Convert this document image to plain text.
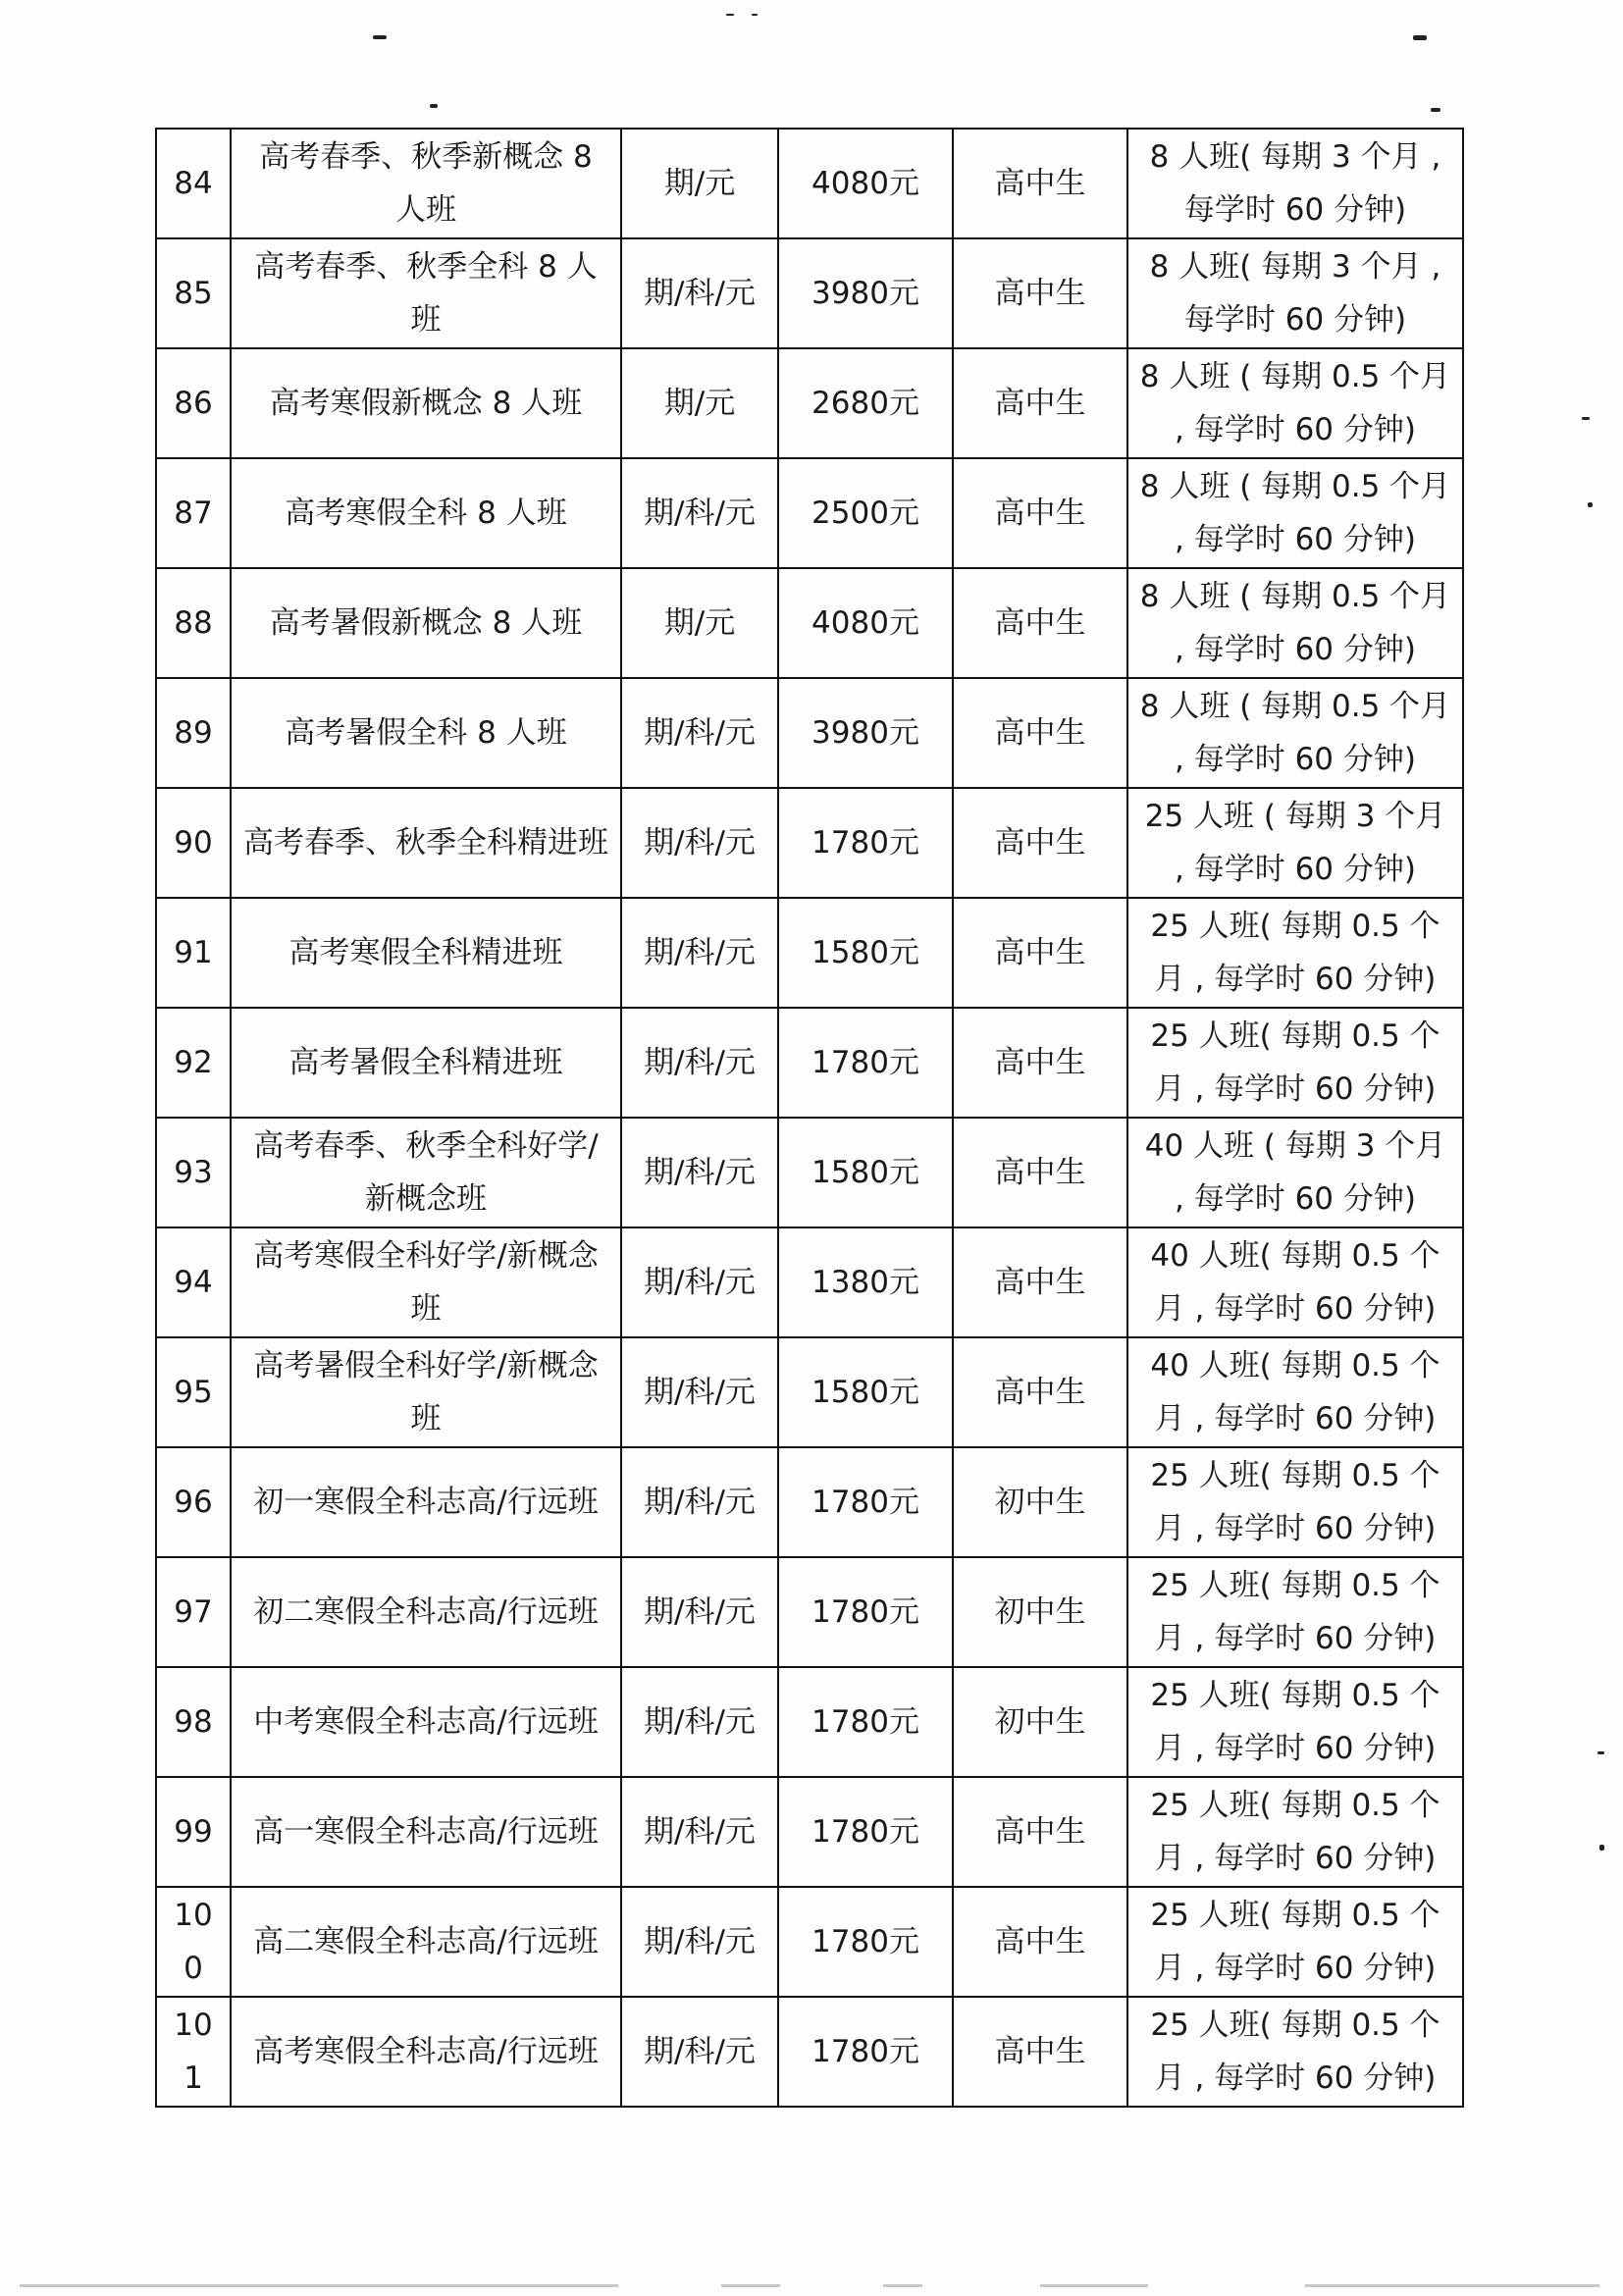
84	高考春季、秋季新概念 8 人班	期/元	4080元	高中生	8 人班( 每期 3 个月 , 每学时 60 分钟)
85	高考春季、秋季全科 8 人班	期/科/元	3980元	高中生	8 人班( 每期 3 个月 , 每学时 60 分钟)
86	高考寒假新概念 8 人班	期/元	2680元	高中生	8 人班 ( 每期 0.5 个月 , 每学时 60 分钟)
87	高考寒假全科 8 人班	期/科/元	2500元	高中生	8 人班 ( 每期 0.5 个月 , 每学时 60 分钟)
88	高考暑假新概念 8 人班	期/元	4080元	高中生	8 人班 ( 每期 0.5 个月 , 每学时 60 分钟)
89	高考暑假全科 8 人班	期/科/元	3980元	高中生	8 人班 ( 每期 0.5 个月 , 每学时 60 分钟)
90	高考春季、秋季全科精进班	期/科/元	1780元	高中生	25 人班 ( 每期 3 个月 , 每学时 60 分钟)
91	高考寒假全科精进班	期/科/元	1580元	高中生	25 人班( 每期 0.5 个月 , 每学时 60 分钟)
92	高考暑假全科精进班	期/科/元	1780元	高中生	25 人班( 每期 0.5 个月 , 每学时 60 分钟)
93	高考春季、秋季全科好学/新概念班	期/科/元	1580元	高中生	40 人班 ( 每期 3 个月 , 每学时 60 分钟)
94	高考寒假全科好学/新概念班	期/科/元	1380元	高中生	40 人班( 每期 0.5 个月 , 每学时 60 分钟)
95	高考暑假全科好学/新概念班	期/科/元	1580元	高中生	40 人班( 每期 0.5 个月 , 每学时 60 分钟)
96	初一寒假全科志高/行远班	期/科/元	1780元	初中生	25 人班( 每期 0.5 个月 , 每学时 60 分钟)
97	初二寒假全科志高/行远班	期/科/元	1780元	初中生	25 人班( 每期 0.5 个月 , 每学时 60 分钟)
98	中考寒假全科志高/行远班	期/科/元	1780元	初中生	25 人班( 每期 0.5 个月 , 每学时 60 分钟)
99	高一寒假全科志高/行远班	期/科/元	1780元	高中生	25 人班( 每期 0.5 个月 , 每学时 60 分钟)
100	高二寒假全科志高/行远班	期/科/元	1780元	高中生	25 人班( 每期 0.5 个月 , 每学时 60 分钟)
101	高考寒假全科志高/行远班	期/科/元	1780元	高中生	25 人班( 每期 0.5 个月 , 每学时 60 分钟)
